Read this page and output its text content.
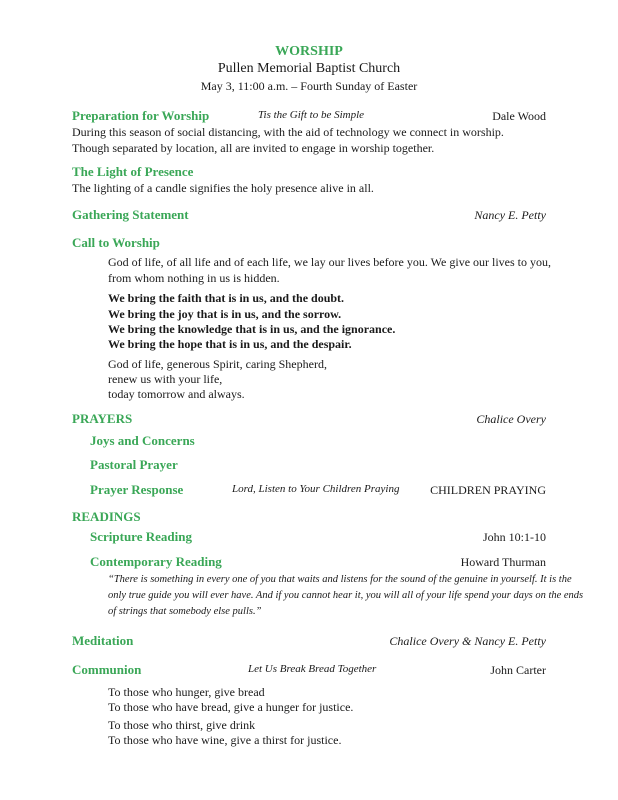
WORSHIP
Pullen Memorial Baptist Church
May 3, 11:00 a.m. – Fourth Sunday of Easter
Preparation for Worship	Tis the Gift to be Simple	Dale Wood
During this season of social distancing, with the aid of technology we connect in worship.
Though separated by location, all are invited to engage in worship together.
The Light of Presence
The lighting of a candle signifies the holy presence alive in all.
Gathering Statement	Nancy E. Petty
Call to Worship
God of life, of all life and of each life, we lay our lives before you. We give our lives to you,
from whom nothing in us is hidden.
We bring the faith that is in us, and the doubt.
We bring the joy that is in us, and the sorrow.
We bring the knowledge that is in us, and the ignorance.
We bring the hope that is in us, and the despair.
God of life, generous Spirit, caring Shepherd,
renew us with your life,
today tomorrow and always.
PRAYERS	Chalice Overy
Joys and Concerns
Pastoral Prayer
Prayer Response	Lord, Listen to Your Children Praying	CHILDREN PRAYING
READINGS
Scripture Reading	John 10:1-10
Contemporary Reading	Howard Thurman
“There is something in every one of you that waits and listens for the sound of the genuine in yourself. It is the
only true guide you will ever have. And if you cannot hear it, you will all of your life spend your days on the ends
of strings that somebody else pulls.”
Meditation	Chalice Overy & Nancy E. Petty
Communion	Let Us Break Bread Together	John Carter
To those who hunger, give bread
To those who have bread, give a hunger for justice.
To those who thirst, give drink
To those who have wine, give a thirst for justice.
